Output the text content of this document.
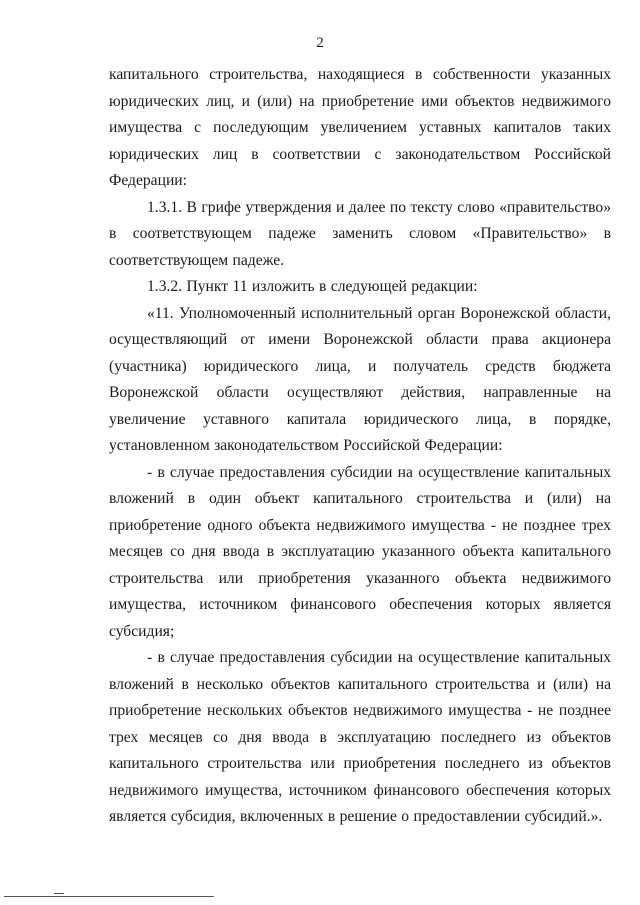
2

капитального строительства, находящиеся в собственности указанных юридических лиц, и (или) на приобретение ими объектов недвижимого имущества с последующим увеличением уставных капиталов таких юридических лиц в соответствии с законодательством Российской Федерации:

1.3.1. В грифе утверждения и далее по тексту слово «правительство» в соответствующем падеже заменить словом «Правительство» в соответствующем падеже.

1.3.2. Пункт 11 изложить в следующей редакции:

«11. Уполномоченный исполнительный орган Воронежской области, осуществляющий от имени Воронежской области права акционера (участника) юридического лица, и получатель средств бюджета Воронежской области осуществляют действия, направленные на увеличение уставного капитала юридического лица, в порядке, установленном законодательством Российской Федерации:

- в случае предоставления субсидии на осуществление капитальных вложений в один объект капитального строительства и (или) на приобретение одного объекта недвижимого имущества - не позднее трех месяцев со дня ввода в эксплуатацию указанного объекта капитального строительства или приобретения указанного объекта недвижимого имущества, источником финансового обеспечения которых является субсидия;

- в случае предоставления субсидии на осуществление капитальных вложений в несколько объектов капитального строительства и (или) на приобретение нескольких объектов недвижимого имущества - не позднее трех месяцев со дня ввода в эксплуатацию последнего из объектов капитального строительства или приобретения последнего из объектов недвижимого имущества, источником финансового обеспечения которых является субсидия, включенных в решение о предоставлении субсидий.».
